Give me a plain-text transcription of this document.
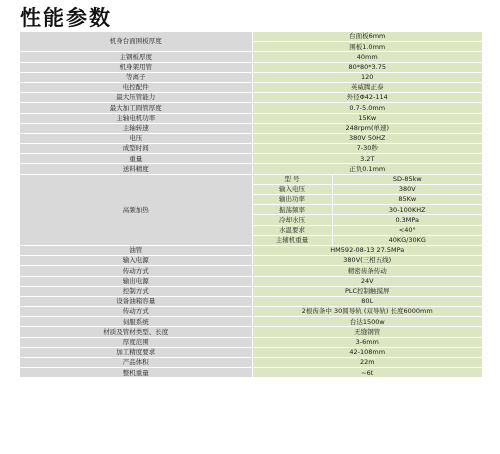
性能参数
机身台面围板厚度	台面板6mm	
	围板1.0mm	
主钢板厚度	40mm	
机身架用管	80*80*3.75	
等离子	120	
电控配件	英威腾正泰	
最大压管能力	外径Φ42-114	
最大加工圆管厚度	0.7-5.0mm	
主轴电机功率	15Kw	
主轴转速	248rpm(单速)	
电压	380V 50HZ	
成型时间	7-30秒	
重量	3.2T	
送料精度	正负0.1mm	
高频加热	型 号	SD-85kw
	输入电压	380V
	输出功率	85Kw
	振荡频率	30-100KHZ
	冷却水压	0.3MPa
	水温要求	<40°
	主辅机重量	40KG/30KG
油管	HM592-08-13 27.5MPa	
输入电源	380V(三相五线)	
传动方式	精密齿条传动	
输出电源	24V	
控制方式	PLC控制触摸屏	
设备油箱容量	80L	
传动方式	2根齿条中 30圆导轨 (双导轨) 长度6000mm	
伺服系统	台达1500w	
材质及管材类型、长度	无缝钢管	
厚度范围	3-6mm	
加工精度要求	42-108mm	
产品体积	22m	
整机重量	~6t	
